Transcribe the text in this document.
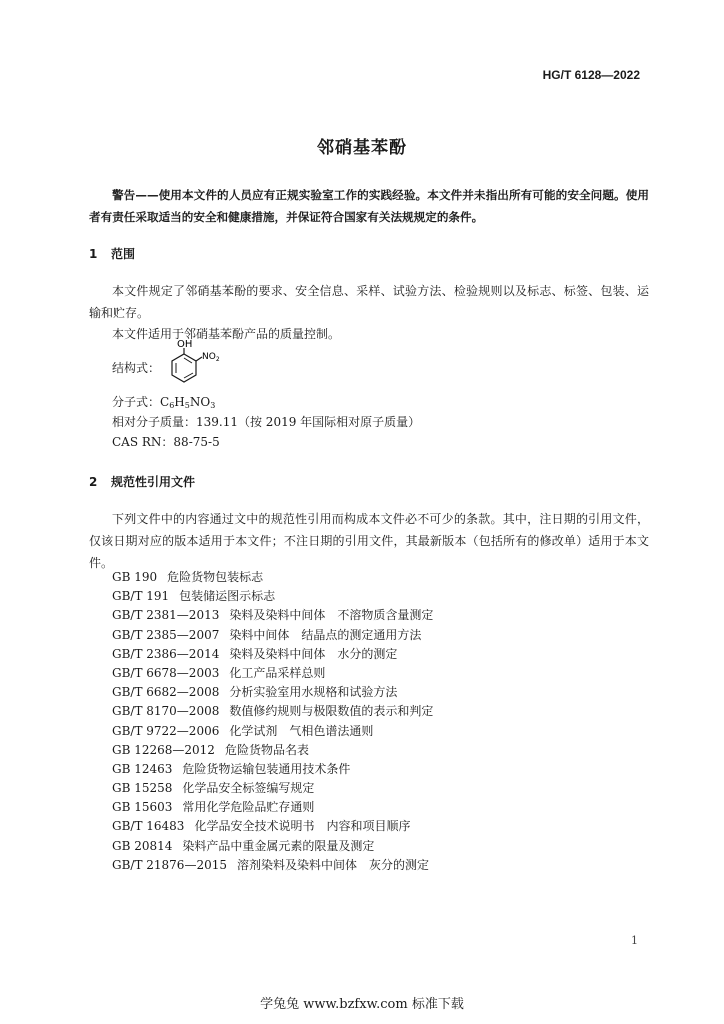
HG/T 6128—2022
邻硝基苯酚
警告——使用本文件的人员应有正规实验室工作的实践经验。本文件并未指出所有可能的安全问题。使用者有责任采取适当的安全和健康措施，并保证符合国家有关法规规定的条件。
1 范围
本文件规定了邻硝基苯酚的要求、安全信息、采样、试验方法、检验规则以及标志、标签、包装、运输和贮存。
本文件适用于邻硝基苯酚产品的质量控制。
结构式：
OH
$NO_2$
分子式：$C_6H_5NO_3$
相对分子质量：139.11（按 2019 年国际相对原子质量）
CAS RN：88-75-5
2 规范性引用文件
下列文件中的内容通过文中的规范性引用而构成本文件必不可少的条款。其中，注日期的引用文件，仅该日期对应的版本适用于本文件；不注日期的引用文件，其最新版本（包括所有的修改单）适用于本文件。
GB 190 危险货物包装标志
GB/T 191 包装储运图示标志
GB/T 2381—2013 染料及染料中间体　不溶物质含量测定
GB/T 2385—2007 染料中间体　结晶点的测定通用方法
GB/T 2386—2014 染料及染料中间体　水分的测定
GB/T 6678—2003 化工产品采样总则
GB/T 6682—2008 分析实验室用水规格和试验方法
GB/T 8170—2008 数值修约规则与极限数值的表示和判定
GB/T 9722—2006 化学试剂　气相色谱法通则
GB 12268—2012 危险货物品名表
GB 12463 危险货物运输包装通用技术条件
GB 15258 化学品安全标签编写规定
GB 15603 常用化学危险品贮存通则
GB/T 16483 化学品安全技术说明书　内容和项目顺序
GB 20814 染料产品中重金属元素的限量及测定
GB/T 21876—2015 溶剂染料及染料中间体　灰分的测定
1
学兔兔 www.bzfxw.com 标准下载
